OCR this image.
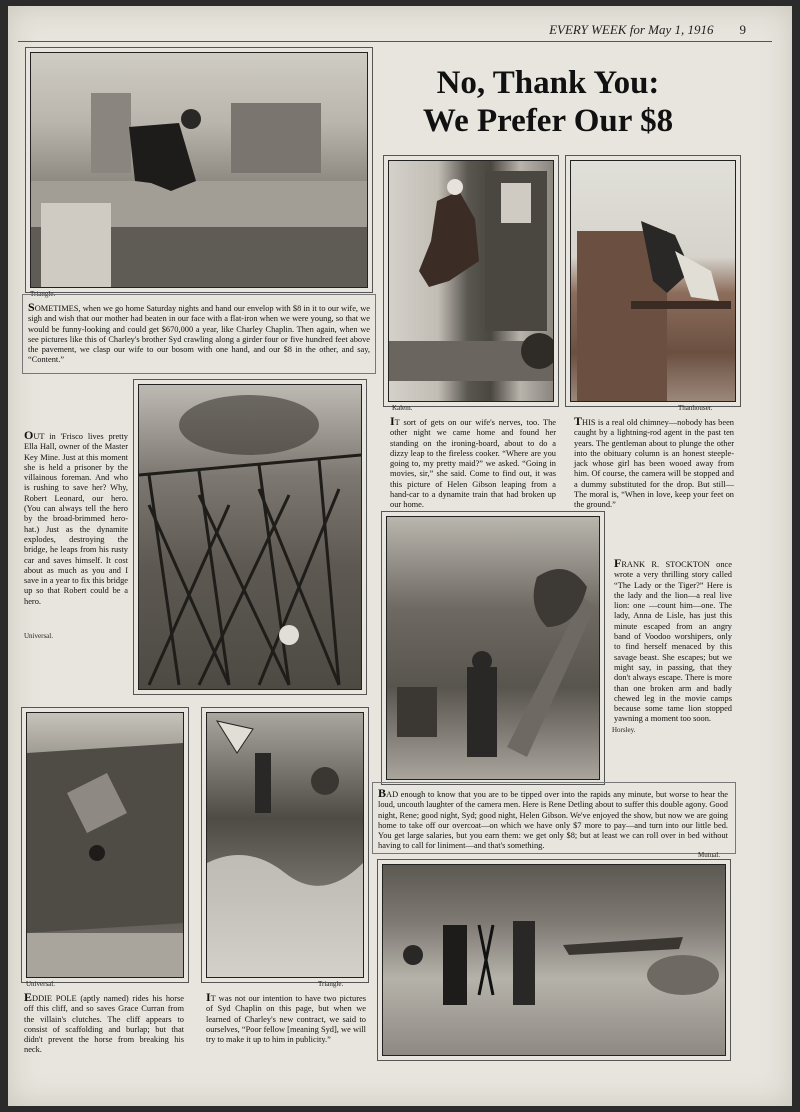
EVERY WEEK for May 1, 1916 9
No, Thank You:
We Prefer Our $8
Triangle.
SOMETIMES, when we go home Saturday nights and hand our envelop with $8 in it to our wife, we sigh and wish that our mother had beaten in our face with a flat-iron when we were young, so that we would be funny-looking and could get $670,000 a year, like Charley Chaplin. Then again, when we see pictures like this of Charley's brother Syd crawling along a girder four or five hundred feet above the pavement, we clasp our wife to our bosom with one hand, and our $8 in the other, and say, “Content.”
Kalem.	Thanhouser.
IT sort of gets on our wife's nerves, too. The other night we came home and found her standing on the ironing-board, about to do a dizzy leap to the fireless cooker. “Where are you going to, my pretty maid?” we asked. “Going in movies, sir,” she said. Come to find out, it was this picture of Helen Gibson leaping from a hand-car to a dynamite train that had broken up our home.
THIS is a real old chimney—nobody has been caught by a lightning-rod agent in the past ten years. The gentleman about to plunge the other into the obituary column is an honest steeple-jack whose girl has been wooed away from him. Of course, the camera will be stopped and a dummy substituted for the drop. But still— The moral is, “When in love, keep your feet on the ground.”
OUT in 'Frisco lives pretty Ella Hall, owner of the Master Key Mine. Just at this moment she is held a prisoner by the villainous foreman. And who is rushing to save her? Why, Robert Leonard, our hero. (You can always tell the hero by the broad-brimmed hero-hat.) Just as the dynamite explodes, destroying the bridge, he leaps from his rusty car and saves himself. It cost about as much as you and I save in a year to fix this bridge up so that Robert could be a hero.
Universal.
FRANK R. STOCKTON once wrote a very thrilling story called “The Lady or the Tiger?” Here is the lady and the lion—a real live lion: one —count him—one. The lady, Anna de Lisle, has just this minute escaped from an angry band of Voodoo worshipers, only to find herself menaced by this savage beast. She escapes; but we might say, in passing, that they don't always escape. There is more than one broken arm and badly chewed leg in the movie camps because some tame lion stopped yawning a moment too soon.
Horsley.
BAD enough to know that you are to be tipped over into the rapids any minute, but worse to hear the loud, uncouth laughter of the camera men. Here is Rene Detling about to suffer this double agony. Good night, Rene; good night, Syd; good night, Helen Gibson. We've enjoyed the show, but now we are going home to take off our overcoat—on which we have only $7 more to pay—and turn into our little bed. You get large salaries, but you earn them: we get only $8; but at least we can roll over in bed without having to call for liniment—and that's something.
Mutual.
Universal.	Triangle.
EDDIE POLE (aptly named) rides his horse off this cliff, and so saves Grace Curran from the villain's clutches. The cliff appears to consist of scaffolding and burlap; but that didn't prevent the horse from breaking his neck.
IT was not our intention to have two pictures of Syd Chaplin on this page, but when we learned of Charley's new contract, we said to ourselves, “Poor fellow [meaning Syd], we will try to make it up to him in publicity.”
